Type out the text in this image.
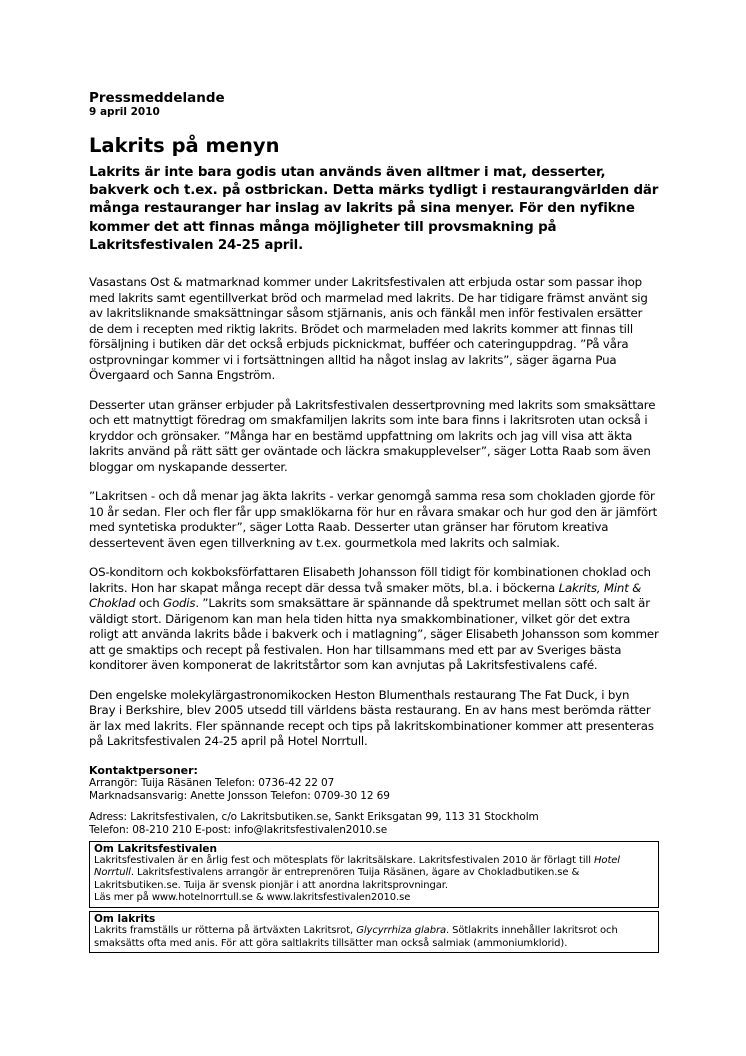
Pressmeddelande

9 april 2010

Lakrits på menyn

Lakrits är inte bara godis utan används även alltmer i mat, desserter, bakverk och t.ex. på ostbrickan. Detta märks tydligt i restaurangvärlden där många restauranger har inslag av lakrits på sina menyer. För den nyfikne kommer det att finnas många möjligheter till provsmakning på Lakritsfestivalen 24-25 april.

Vasastans Ost & matmarknad kommer under Lakritsfestivalen att erbjuda ostar som passar ihop med lakrits samt egentillverkat bröd och marmelad med lakrits. De har tidigare främst använt sig av lakritsliknande smaksättningar såsom stjärnanis, anis och fänkål men inför festivalen ersätter de dem i recepten med riktig lakrits. Brödet och marmeladen med lakrits kommer att finnas till försäljning i butiken där det också erbjuds picknickmat, bufféer och cateringuppdrag. ”På våra ostprovningar kommer vi i fortsättningen alltid ha något inslag av lakrits”, säger ägarna Pua Övergaard och Sanna Engström.

Desserter utan gränser erbjuder på Lakritsfestivalen dessertprovning med lakrits som smaksättare och ett matnyttigt föredrag om smakfamiljen lakrits som inte bara finns i lakritsroten utan också i kryddor och grönsaker. ”Många har en bestämd uppfattning om lakrits och jag vill visa att äkta lakrits använd på rätt sätt ger oväntade och läckra smakupplevelser”, säger Lotta Raab som även bloggar om nyskapande desserter.

”Lakritsen - och då menar jag äkta lakrits - verkar genomgå samma resa som chokladen gjorde för 10 år sedan. Fler och fler får upp smaklökarna för hur en råvara smakar och hur god den är jämfört med syntetiska produkter”, säger Lotta Raab. Desserter utan gränser har förutom kreativa dessertevent även egen tillverkning av t.ex. gourmetkola med lakrits och salmiak.

OS-konditorn och kokboksförfattaren Elisabeth Johansson föll tidigt för kombinationen choklad och lakrits. Hon har skapat många recept där dessa två smaker möts, bl.a. i böckerna Lakrits, Mint & Choklad och Godis. ”Lakrits som smaksättare är spännande då spektrumet mellan sött och salt är väldigt stort. Därigenom kan man hela tiden hitta nya smakkombinationer, vilket gör det extra roligt att använda lakrits både i bakverk och i matlagning”, säger Elisabeth Johansson som kommer att ge smaktips och recept på festivalen. Hon har tillsammans med ett par av Sveriges bästa konditorer även komponerat de lakritstårtor som kan avnjutas på Lakritsfestivalens café.

Den engelske molekylärgastronomikocken Heston Blumenthals restaurang The Fat Duck, i byn Bray i Berkshire, blev 2005 utsedd till världens bästa restaurang. En av hans mest berömda rätter är lax med lakrits. Fler spännande recept och tips på lakritskombinationer kommer att presenteras på Lakritsfestivalen 24-25 april på Hotel Norrtull.

Kontaktpersoner:

Arrangör: Tuija Räsänen Telefon: 0736-42 22 07

Marknadsansvarig: Anette Jonsson Telefon: 0709-30 12 69

Adress: Lakritsfestivalen, c/o Lakritsbutiken.se, Sankt Eriksgatan 99, 113 31 Stockholm

Telefon: 08-210 210 E-post: info@lakritsfestivalen2010.se

Om Lakritsfestivalen

Lakritsfestivalen är en årlig fest och mötesplats för lakritsälskare. Lakritsfestivalen 2010 är förlagt till Hotel Norrtull. Lakritsfestivalens arrangör är entreprenören Tuija Räsänen, ägare av Chokladbutiken.se & Lakritsbutiken.se. Tuija är svensk pionjär i att anordna lakritsprovningar.

Läs mer på www.hotelnorrtull.se & www.lakritsfestivalen2010.se

Om lakrits

Lakrits framställs ur rötterna på ärtväxten Lakritsrot, Glycyrrhiza glabra. Sötlakrits innehåller lakritsrot och smaksätts ofta med anis. För att göra saltlakrits tillsätter man också salmiak (ammoniumklorid).
